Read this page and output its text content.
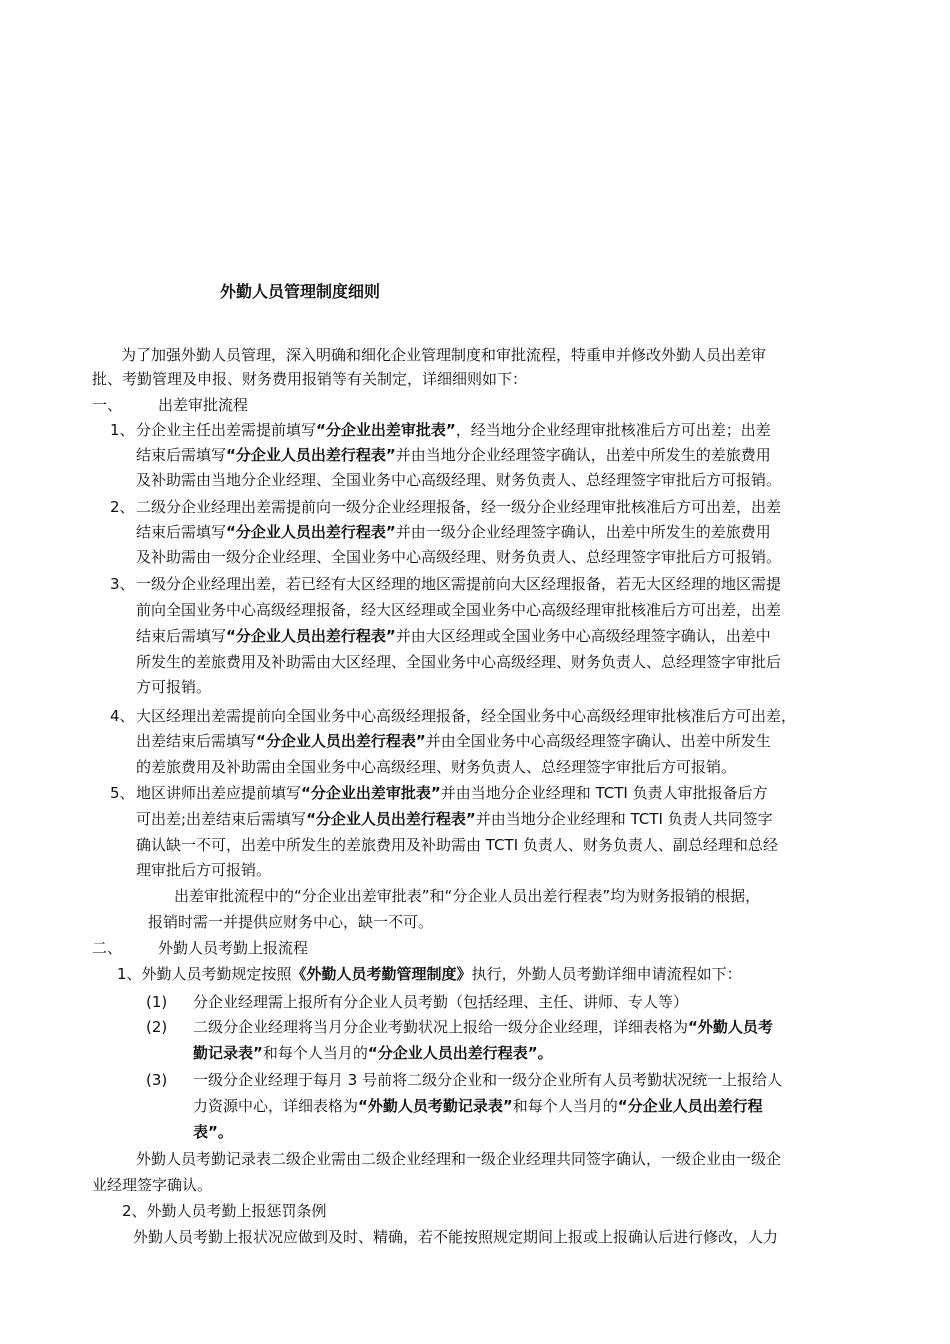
外勤人员管理制度细则
为了加强外勤人员管理，深入明确和细化企业管理制度和审批流程，特重申并修改外勤人员出差审
批、考勤管理及申报、财务费用报销等有关制定，详细细则如下：
一、 出差审批流程
1、 分企业主任出差需提前填写“分企业出差审批表”，经当地分企业经理审批核准后方可出差；出差
结束后需填写“分企业人员出差行程表”并由当地分企业经理签字确认，出差中所发生的差旅费用
及补助需由当地分企业经理、全国业务中心高级经理、财务负责人、总经理签字审批后方可报销。
2、 二级分企业经理出差需提前向一级分企业经理报备，经一级分企业经理审批核准后方可出差，出差
结束后需填写“分企业人员出差行程表”并由一级分企业经理签字确认，出差中所发生的差旅费用
及补助需由一级分企业经理、全国业务中心高级经理、财务负责人、总经理签字审批后方可报销。
3、 一级分企业经理出差，若已经有大区经理的地区需提前向大区经理报备，若无大区经理的地区需提
前向全国业务中心高级经理报备，经大区经理或全国业务中心高级经理审批核准后方可出差，出差
结束后需填写“分企业人员出差行程表”并由大区经理或全国业务中心高级经理签字确认，出差中
所发生的差旅费用及补助需由大区经理、全国业务中心高级经理、财务负责人、总经理签字审批后
方可报销。
4、 大区经理出差需提前向全国业务中心高级经理报备，经全国业务中心高级经理审批核准后方可出差，
出差结束后需填写“分企业人员出差行程表”并由全国业务中心高级经理签字确认、出差中所发生
的差旅费用及补助需由全国业务中心高级经理、财务负责人、总经理签字审批后方可报销。
5、 地区讲师出差应提前填写“分企业出差审批表”并由当地分企业经理和 TCTI 负责人审批报备后方
可出差;出差结束后需填写“分企业人员出差行程表”并由当地分企业经理和 TCTI 负责人共同签字
确认缺一不可，出差中所发生的差旅费用及补助需由 TCTI 负责人、财务负责人、副总经理和总经
理审批后方可报销。
出差审批流程中的“分企业出差审批表”和“分企业人员出差行程表”均为财务报销的根据，
报销时需一并提供应财务中心，缺一不可。
二、 外勤人员考勤上报流程
1、外勤人员考勤规定按照《外勤人员考勤管理制度》执行，外勤人员考勤详细申请流程如下：
(1) 分企业经理需上报所有分企业人员考勤（包括经理、主任、讲师、专人等）
(2) 二级分企业经理将当月分企业考勤状况上报给一级分企业经理，详细表格为“外勤人员考
勤记录表”和每个人当月的“分企业人员出差行程表”。
(3) 一级分企业经理于每月 3 号前将二级分企业和一级分企业所有人员考勤状况统一上报给人
力资源中心，详细表格为“外勤人员考勤记录表”和每个人当月的“分企业人员出差行程
表”。
外勤人员考勤记录表二级企业需由二级企业经理和一级企业经理共同签字确认，一级企业由一级企
业经理签字确认。
2、外勤人员考勤上报惩罚条例
外勤人员考勤上报状况应做到及时、精确，若不能按照规定期间上报或上报确认后进行修改，人力
